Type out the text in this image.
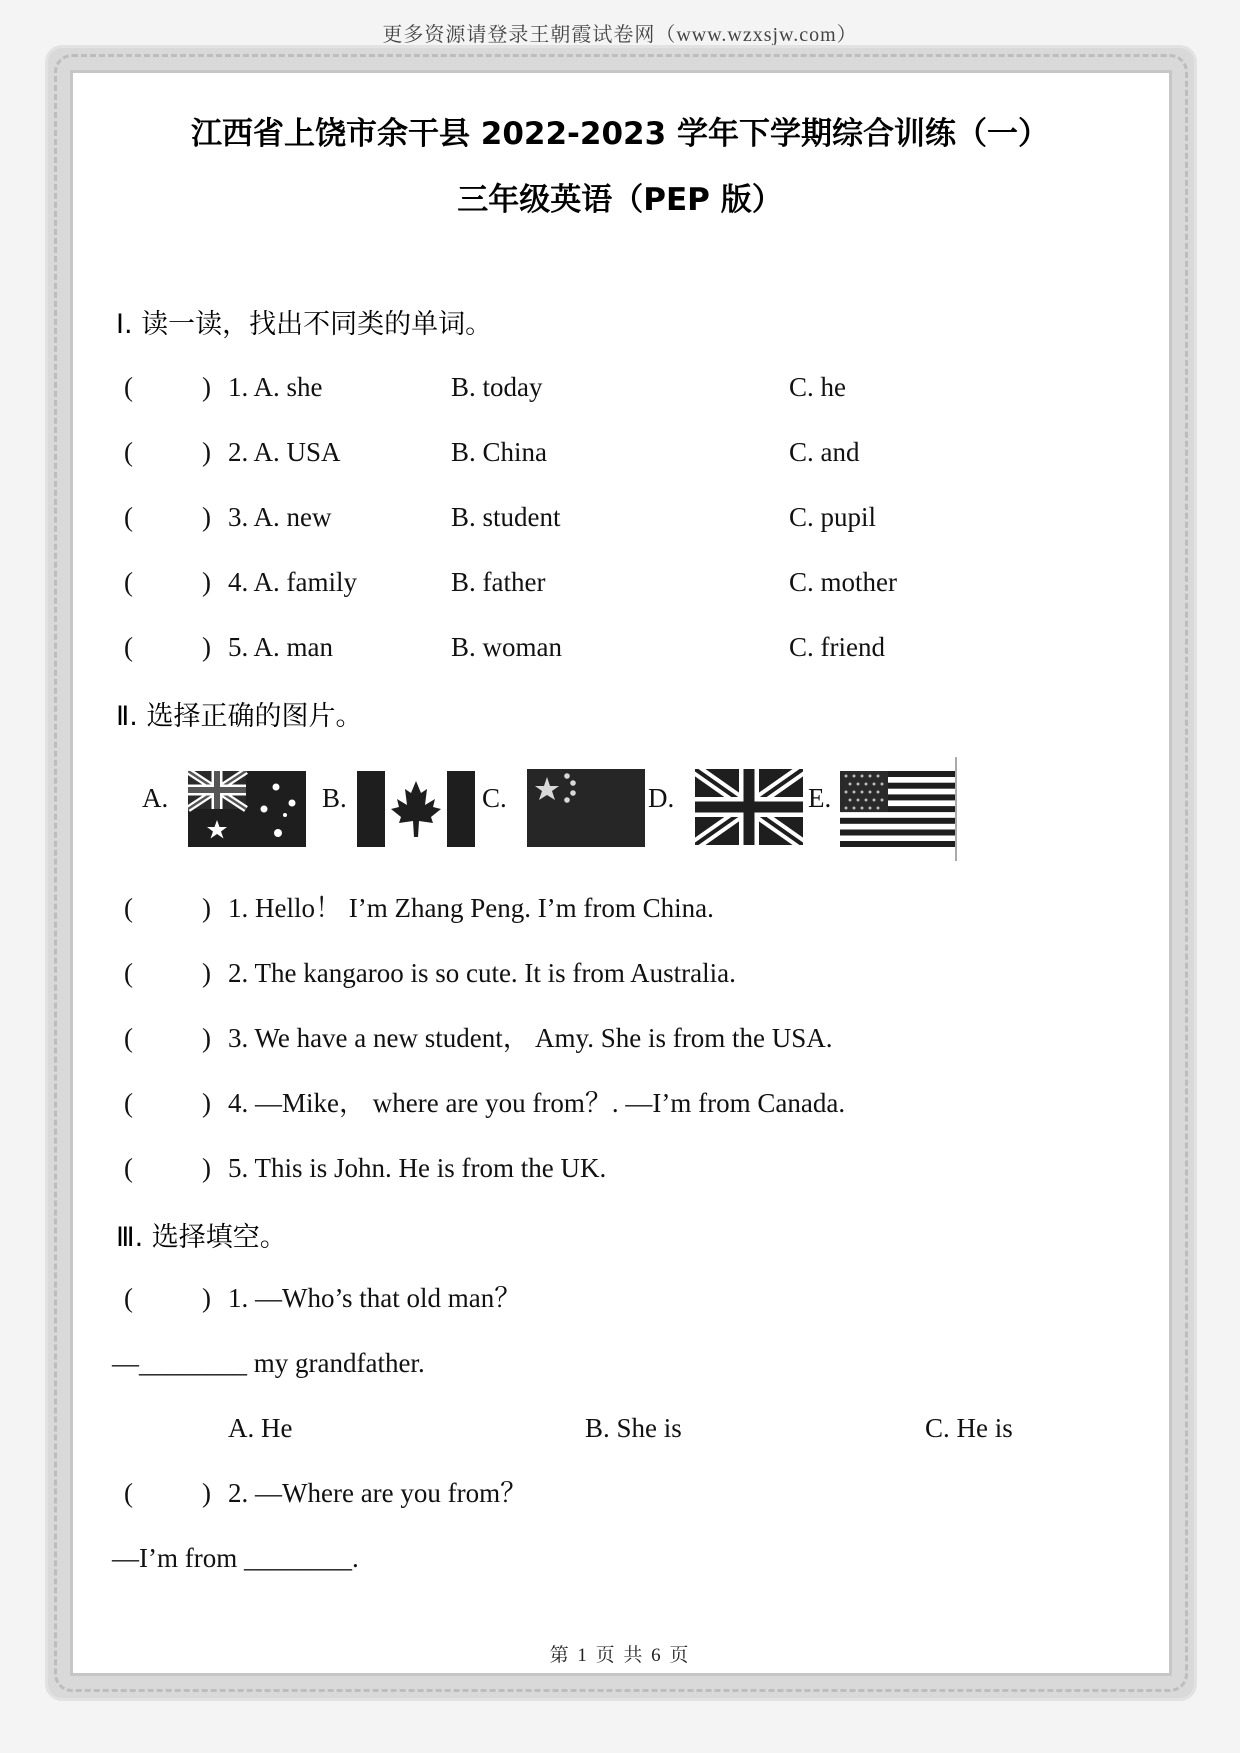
更多资源请登录王朝霞试卷网（www.wzxsjw.com）
江西省上饶市余干县 2022-2023 学年下学期综合训练（一）
三年级英语（PEP 版）
Ⅰ. 读一读，找出不同类的单词。
(	) 1. A. she	B. today	C. he
(	) 2. A. USA	B. China	C. and
(	) 3. A. new	B. student	C. pupil
(	) 4. A. family	B. father	C. mother
(	) 5. A. man	B. woman	C. friend
Ⅱ. 选择正确的图片。
A.	B.	C.	D.	E.
(	) 1. Hello！ I’m Zhang Peng. I’m from China.
(	) 2. The kangaroo is so cute. It is from Australia.
(	) 3. We have a new student， Amy. She is from the USA.
(	) 4. —Mike， where are you from？. —I’m from Canada.
(	) 5. This is John. He is from the UK.
Ⅲ. 选择填空。
(	) 1. —Who’s that old man？
—________ my grandfather.
A. He	B. She is	C. He is
(	) 2. —Where are you from？
—I’m from ________.
第 1 页 共 6 页
